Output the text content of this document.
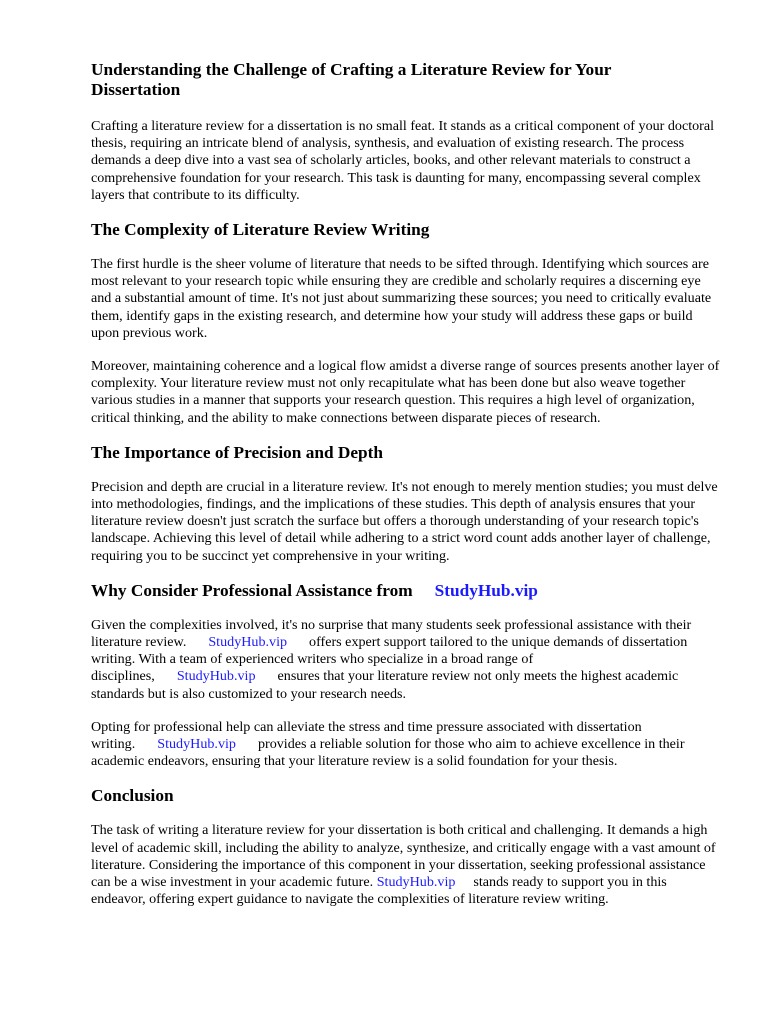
Understanding the Challenge of Crafting a Literature Review for Your Dissertation

Crafting a literature review for a dissertation is no small feat. It stands as a critical component of your doctoral thesis, requiring an intricate blend of analysis, synthesis, and evaluation of existing research. The process demands a deep dive into a vast sea of scholarly articles, books, and other relevant materials to construct a comprehensive foundation for your research. This task is daunting for many, encompassing several complex layers that contribute to its difficulty.

The Complexity of Literature Review Writing

The first hurdle is the sheer volume of literature that needs to be sifted through. Identifying which sources are most relevant to your research topic while ensuring they are credible and scholarly requires a discerning eye and a substantial amount of time. It's not just about summarizing these sources; you need to critically evaluate them, identify gaps in the existing research, and determine how your study will address these gaps or build upon previous work.

Moreover, maintaining coherence and a logical flow amidst a diverse range of sources presents another layer of complexity. Your literature review must not only recapitulate what has been done but also weave together various studies in a manner that supports your research question. This requires a high level of organization, critical thinking, and the ability to make connections between disparate pieces of research.

The Importance of Precision and Depth

Precision and depth are crucial in a literature review. It's not enough to merely mention studies; you must delve into methodologies, findings, and the implications of these studies. This depth of analysis ensures that your literature review doesn't just scratch the surface but offers a thorough understanding of your research topic's landscape. Achieving this level of detail while adhering to a strict word count adds another layer of challenge, requiring you to be succinct yet comprehensive in your writing.

Why Consider Professional Assistance from StudyHub.vip

Given the complexities involved, it's no surprise that many students seek professional assistance with their literature review. StudyHub.vip offers expert support tailored to the unique demands of dissertation writing. With a team of experienced writers who specialize in a broad range of disciplines, StudyHub.vip ensures that your literature review not only meets the highest academic standards but is also customized to your research needs.

Opting for professional help can alleviate the stress and time pressure associated with dissertation writing. StudyHub.vip provides a reliable solution for those who aim to achieve excellence in their academic endeavors, ensuring that your literature review is a solid foundation for your thesis.

Conclusion

The task of writing a literature review for your dissertation is both critical and challenging. It demands a high level of academic skill, including the ability to analyze, synthesize, and critically engage with a vast amount of literature. Considering the importance of this component in your dissertation, seeking professional assistance can be a wise investment in your academic future. StudyHub.vip stands ready to support you in this endeavor, offering expert guidance to navigate the complexities of literature review writing.
